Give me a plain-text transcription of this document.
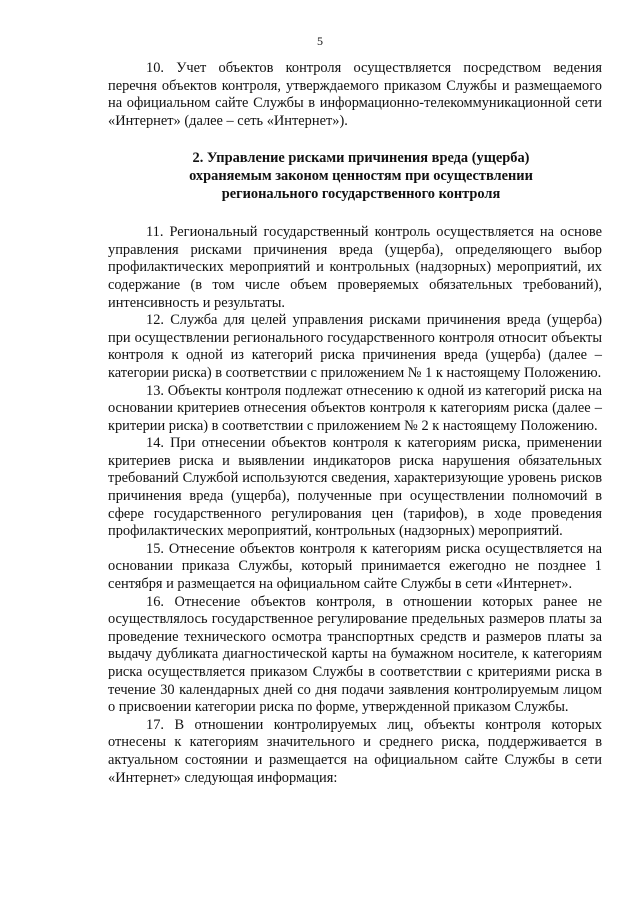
5

10. Учет объектов контроля осуществляется посредством ведения перечня объектов контроля, утверждаемого приказом Службы и размещаемого на официальном сайте Службы в информационно-телекоммуникационной сети «Интернет» (далее – сеть «Интернет»).

2. Управление рисками причинения вреда (ущерба) охраняемым законом ценностям при осуществлении регионального государственного контроля

11. Региональный государственный контроль осуществляется на основе управления рисками причинения вреда (ущерба), определяющего выбор профилактических мероприятий и контрольных (надзорных) мероприятий, их содержание (в том числе объем проверяемых обязательных требований), интенсивность и результаты.

12. Служба для целей управления рисками причинения вреда (ущерба) при осуществлении регионального государственного контроля относит объекты контроля к одной из категорий риска причинения вреда (ущерба) (далее – категории риска) в соответствии с приложением № 1 к настоящему Положению.

13. Объекты контроля подлежат отнесению к одной из категорий риска на основании критериев отнесения объектов контроля к категориям риска (далее – критерии риска) в соответствии с приложением № 2 к настоящему Положению.

14. При отнесении объектов контроля к категориям риска, применении критериев риска и выявлении индикаторов риска нарушения обязательных требований Службой используются сведения, характеризующие уровень рисков причинения вреда (ущерба), полученные при осуществлении полномочий в сфере государственного регулирования цен (тарифов), в ходе проведения профилактических мероприятий, контрольных (надзорных) мероприятий.

15. Отнесение объектов контроля к категориям риска осуществляется на основании приказа Службы, который принимается ежегодно не позднее 1 сентября и размещается на официальном сайте Службы в сети «Интернет».

16. Отнесение объектов контроля, в отношении которых ранее не осуществлялось государственное регулирование предельных размеров платы за проведение технического осмотра транспортных средств и размеров платы за выдачу дубликата диагностической карты на бумажном носителе, к категориям риска осуществляется приказом Службы в соответствии с критериями риска в течение 30 календарных дней со дня подачи заявления контролируемым лицом о присвоении категории риска по форме, утвержденной приказом Службы.

17. В отношении контролируемых лиц, объекты контроля которых отнесены к категориям значительного и среднего риска, поддерживается в актуальном состоянии и размещается на официальном сайте Службы в сети «Интернет» следующая информация:
